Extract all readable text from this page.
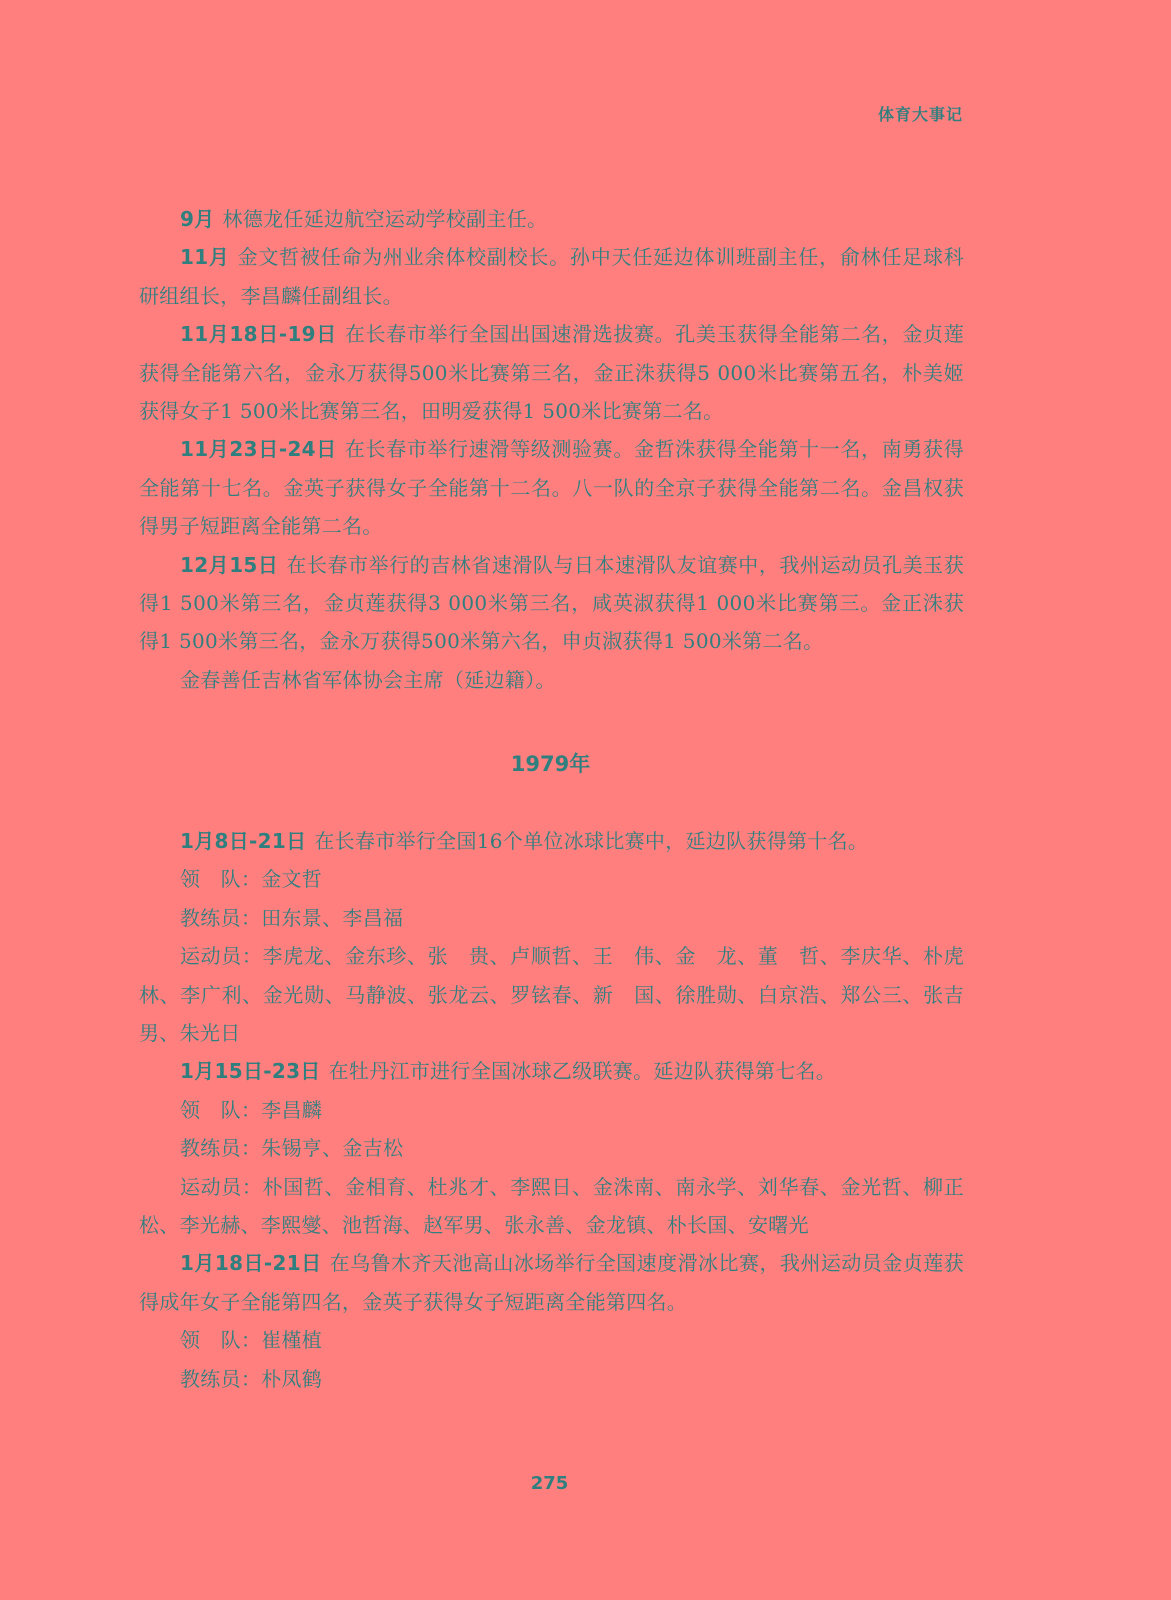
体育大事记

9月 林德龙任延边航空运动学校副主任。

11月 金文哲被任命为州业余体校副校长。孙中天任延边体训班副主任，俞林任足球科研组组长，李昌麟任副组长。

11月18日-19日 在长春市举行全国出国速滑选拔赛。孔美玉获得全能第二名，金贞莲获得全能第六名，金永万获得500米比赛第三名，金正洙获得5 000米比赛第五名，朴美姬获得女子1 500米比赛第三名，田明爱获得1 500米比赛第二名。

11月23日-24日 在长春市举行速滑等级测验赛。金哲洙获得全能第十一名，南勇获得全能第十七名。金英子获得女子全能第十二名。八一队的全京子获得全能第二名。金昌权获得男子短距离全能第二名。

12月15日 在长春市举行的吉林省速滑队与日本速滑队友谊赛中，我州运动员孔美玉获得1 500米第三名，金贞莲获得3 000米第三名，咸英淑获得1 000米比赛第三。金正洙获得1 500米第三名，金永万获得500米第六名，申贞淑获得1 500米第二名。

金春善任吉林省军体协会主席（延边籍）。

1979年

1月8日-21日 在长春市举行全国16个单位冰球比赛中，延边队获得第十名。

领　队：金文哲

教练员：田东景、李昌福

运动员：李虎龙、金东珍、张　贵、卢顺哲、王　伟、金　龙、董　哲、李庆华、朴虎林、李广利、金光勋、马静波、张龙云、罗铉春、新　国、徐胜勋、白京浩、郑公三、张吉男、朱光日

1月15日-23日 在牡丹江市进行全国冰球乙级联赛。延边队获得第七名。

领　队：李昌麟

教练员：朱锡亨、金吉松

运动员：朴国哲、金相育、杜兆才、李熙日、金洙南、南永学、刘华春、金光哲、柳正松、李光赫、李熙燮、池哲海、赵军男、张永善、金龙镇、朴长国、安曙光

1月18日-21日 在乌鲁木齐天池高山冰场举行全国速度滑冰比赛，我州运动员金贞莲获得成年女子全能第四名，金英子获得女子短距离全能第四名。

领　队：崔槿植

教练员：朴凤鹤

275
